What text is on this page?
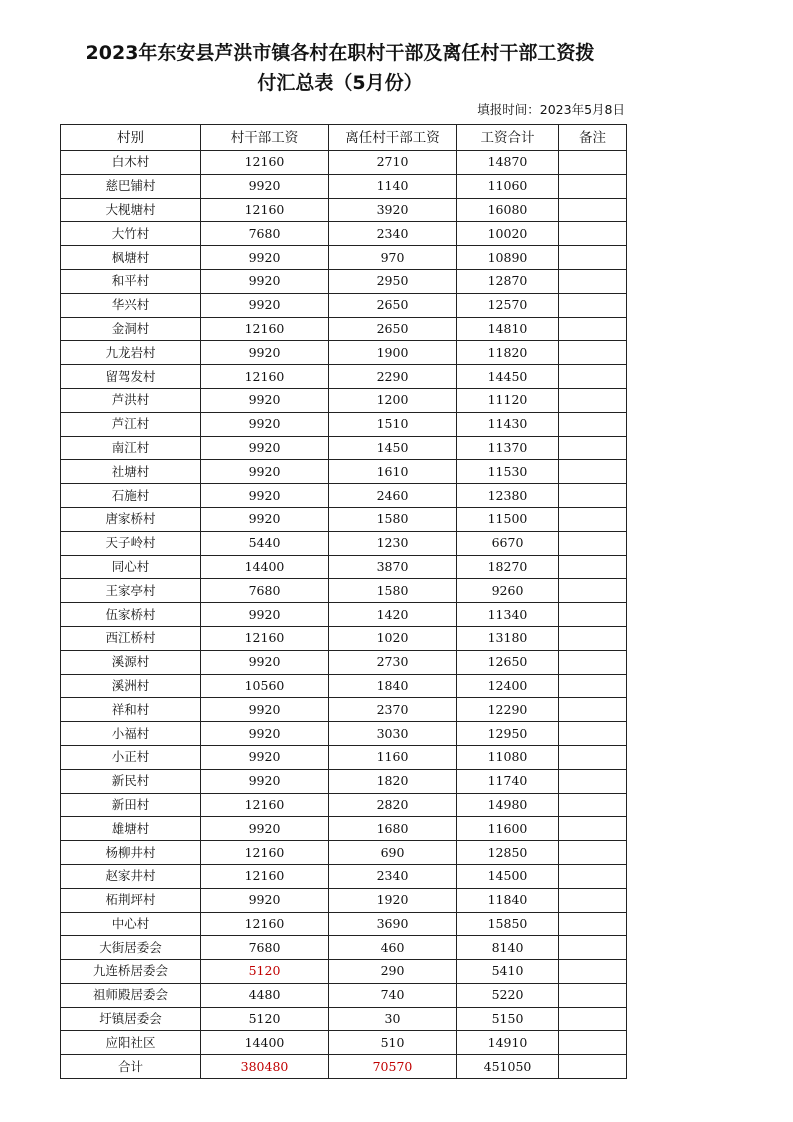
2023年东安县芦洪市镇各村在职村干部及离任村干部工资拨
付汇总表（5月份）
填报时间：2023年5月8日
村别	村干部工资	离任村干部工资	工资合计	备注
白木村	12160	2710	14870	
慈巴铺村	9920	1140	11060	
大枧塘村	12160	3920	16080	
大竹村	7680	2340	10020	
枫塘村	9920	970	10890	
和平村	9920	2950	12870	
华兴村	9920	2650	12570	
金洞村	12160	2650	14810	
九龙岩村	9920	1900	11820	
留驾发村	12160	2290	14450	
芦洪村	9920	1200	11120	
芦江村	9920	1510	11430	
南江村	9920	1450	11370	
社塘村	9920	1610	11530	
石施村	9920	2460	12380	
唐家桥村	9920	1580	11500	
天子岭村	5440	1230	6670	
同心村	14400	3870	18270	
王家亭村	7680	1580	9260	
伍家桥村	9920	1420	11340	
西江桥村	12160	1020	13180	
溪源村	9920	2730	12650	
溪洲村	10560	1840	12400	
祥和村	9920	2370	12290	
小福村	9920	3030	12950	
小正村	9920	1160	11080	
新民村	9920	1820	11740	
新田村	12160	2820	14980	
雄塘村	9920	1680	11600	
杨柳井村	12160	690	12850	
赵家井村	12160	2340	14500	
柘荆坪村	9920	1920	11840	
中心村	12160	3690	15850	
大街居委会	7680	460	8140	
九连桥居委会	5120	290	5410	
祖师殿居委会	4480	740	5220	
圩镇居委会	5120	30	5150	
应阳社区	14400	510	14910	
合计	380480	70570	451050	
